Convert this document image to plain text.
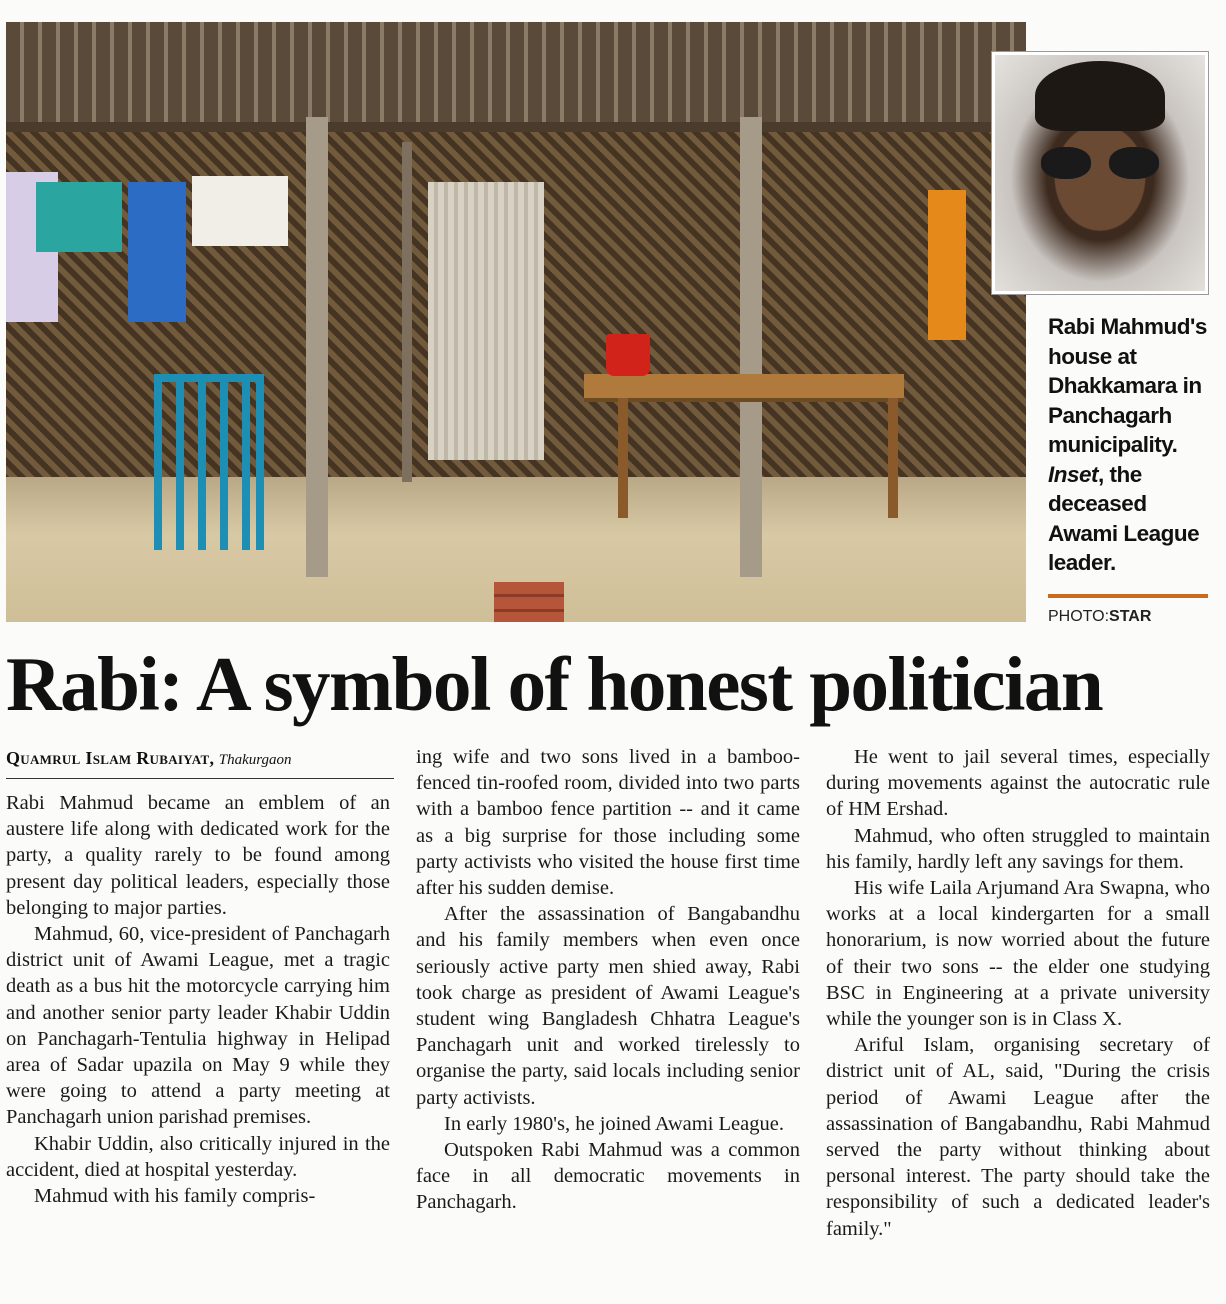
Rabi Mahmud's house at Dhakkamara in Panchagarh municipality. Inset, the deceased Awami League leader.
PHOTO:STAR
Rabi: A symbol of honest politician
Quamrul Islam Rubaiyat, Thakurgaon

Rabi Mahmud became an emblem of an austere life along with dedicated work for the party, a quality rarely to be found among present day political leaders, especially those belonging to major parties.

Mahmud, 60, vice-president of Panchagarh district unit of Awami League, met a tragic death as a bus hit the motorcycle carrying him and another senior party leader Khabir Uddin on Panchagarh-Tentulia highway in Helipad area of Sadar upazila on May 9 while they were going to attend a party meeting at Panchagarh union parishad premises.

Khabir Uddin, also critically injured in the accident, died at hospital yesterday.

Mahmud with his family compris-

ing wife and two sons lived in a bamboo-fenced tin-roofed room, divided into two parts with a bamboo fence partition -- and it came as a big surprise for those including some party activists who visited the house first time after his sudden demise.

After the assassination of Bangabandhu and his family members when even once seriously active party men shied away, Rabi took charge as president of Awami League's student wing Bangladesh Chhatra League's Panchagarh unit and worked tirelessly to organise the party, said locals including senior party activists.

In early 1980's, he joined Awami League.

Outspoken Rabi Mahmud was a common face in all democratic movements in Panchagarh.

He went to jail several times, especially during movements against the autocratic rule of HM Ershad.

Mahmud, who often struggled to maintain his family, hardly left any savings for them.

His wife Laila Arjumand Ara Swapna, who works at a local kindergarten for a small honorarium, is now worried about the future of their two sons -- the elder one studying BSC in Engineering at a private university while the younger son is in Class X.

Ariful Islam, organising secretary of district unit of AL, said, "During the crisis period of Awami League after the assassination of Bangabandhu, Rabi Mahmud served the party without thinking about personal interest. The party should take the responsibility of such a dedicated leader's family."
